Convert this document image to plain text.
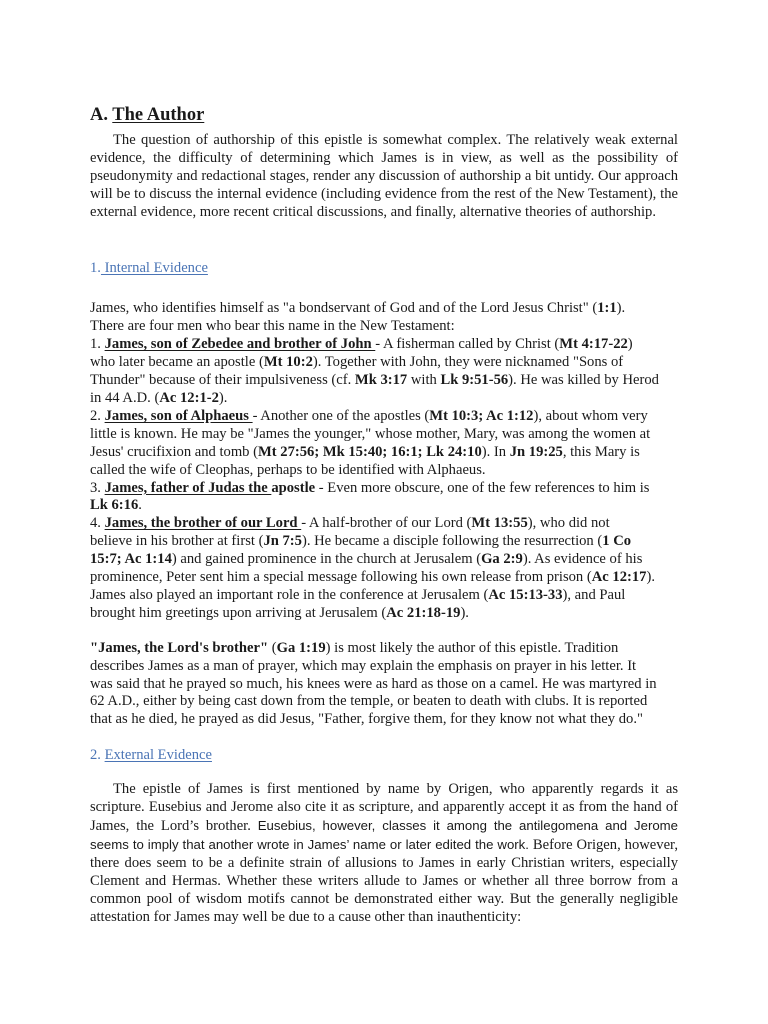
A. The Author

The question of authorship of this epistle is somewhat complex. The relatively weak external evidence, the difficulty of determining which James is in view, as well as the possibility of pseudonymity and redactional stages, render any discussion of authorship a bit untidy. Our approach will be to discuss the internal evidence (including evidence from the rest of the New Testament), the external evidence, more recent critical discussions, and finally, alternative theories of authorship.

1. Internal Evidence
James, who identifies himself as "a bondservant of God and of the Lord Jesus Christ" (1:1).
There are four men who bear this name in the New Testament:
1. James, son of Zebedee and brother of John - A fisherman called by Christ (Mt 4:17-22)
who later became an apostle (Mt 10:2). Together with John, they were nicknamed "Sons of
Thunder" because of their impulsiveness (cf. Mk 3:17 with Lk 9:51-56). He was killed by Herod
in 44 A.D. (Ac 12:1-2).
2. James, son of Alphaeus - Another one of the apostles (Mt 10:3; Ac 1:12), about whom very
little is known. He may be "James the younger," whose mother, Mary, was among the women at
Jesus' crucifixion and tomb (Mt 27:56; Mk 15:40; 16:1; Lk 24:10). In Jn 19:25, this Mary is
called the wife of Cleophas, perhaps to be identified with Alphaeus.
3. James, father of Judas the apostle - Even more obscure, one of the few references to him is
Lk 6:16.
4. James, the brother of our Lord - A half-brother of our Lord (Mt 13:55), who did not
believe in his brother at first (Jn 7:5). He became a disciple following the resurrection (1 Co
15:7; Ac 1:14) and gained prominence in the church at Jerusalem (Ga 2:9). As evidence of his
prominence, Peter sent him a special message following his own release from prison (Ac 12:17).
James also played an important role in the conference at Jerusalem (Ac 15:13-33), and Paul
brought him greetings upon arriving at Jerusalem (Ac 21:18-19).
"James, the Lord's brother" (Ga 1:19) is most likely the author of this epistle. Tradition
describes James as a man of prayer, which may explain the emphasis on prayer in his letter. It
was said that he prayed so much, his knees were as hard as those on a camel. He was martyred in
62 A.D., either by being cast down from the temple, or beaten to death with clubs. It is reported
that as he died, he prayed as did Jesus, "Father, forgive them, for they know not what they do."
2. External Evidence

The epistle of James is first mentioned by name by Origen, who apparently regards it as scripture. Eusebius and Jerome also cite it as scripture, and apparently accept it as from the hand of James, the Lord’s brother. Eusebius, however, classes it among the antilegomena and Jerome seems to imply that another wrote in James’ name or later edited the work. Before Origen, however, there does seem to be a definite strain of allusions to James in early Christian writers, especially Clement and Hermas. Whether these writers allude to James or whether all three borrow from a common pool of wisdom motifs cannot be demonstrated either way. But the generally negligible attestation for James may well be due to a cause other than inauthenticity:
